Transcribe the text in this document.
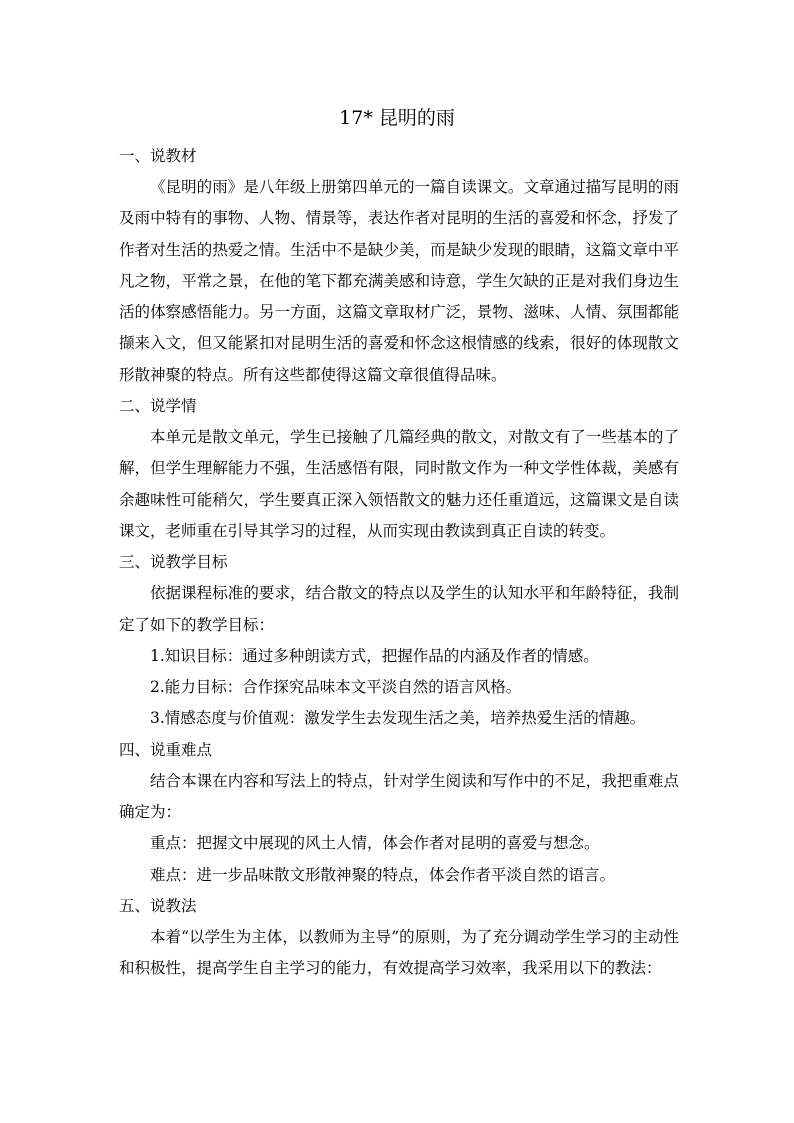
17* 昆明的雨

一、说教材

《昆明的雨》是八年级上册第四单元的一篇自读课文。文章通过描写昆明的雨及雨中特有的事物、人物、情景等，表达作者对昆明的生活的喜爱和怀念，抒发了作者对生活的热爱之情。生活中不是缺少美，而是缺少发现的眼睛，这篇文章中平凡之物，平常之景，在他的笔下都充满美感和诗意，学生欠缺的正是对我们身边生活的体察感悟能力。另一方面，这篇文章取材广泛，景物、滋味、人情、氛围都能撷来入文，但又能紧扣对昆明生活的喜爱和怀念这根情感的线索，很好的体现散文形散神聚的特点。所有这些都使得这篇文章很值得品味。

二、说学情

本单元是散文单元，学生已接触了几篇经典的散文，对散文有了一些基本的了解，但学生理解能力不强，生活感悟有限，同时散文作为一种文学性体裁，美感有余趣味性可能稍欠，学生要真正深入领悟散文的魅力还任重道远，这篇课文是自读课文，老师重在引导其学习的过程，从而实现由教读到真正自读的转变。

三、说教学目标

依据课程标准的要求，结合散文的特点以及学生的认知水平和年龄特征，我制定了如下的教学目标：

1.知识目标：通过多种朗读方式，把握作品的内涵及作者的情感。

2.能力目标：合作探究品味本文平淡自然的语言风格。

3.情感态度与价值观：激发学生去发现生活之美，培养热爱生活的情趣。

四、说重难点

结合本课在内容和写法上的特点，针对学生阅读和写作中的不足，我把重难点确定为：

重点：把握文中展现的风土人情，体会作者对昆明的喜爱与想念。

难点：进一步品味散文形散神聚的特点，体会作者平淡自然的语言。

五、说教法

本着“以学生为主体，以教师为主导”的原则，为了充分调动学生学习的主动性和积极性，提高学生自主学习的能力，有效提高学习效率，我采用以下的教法：
